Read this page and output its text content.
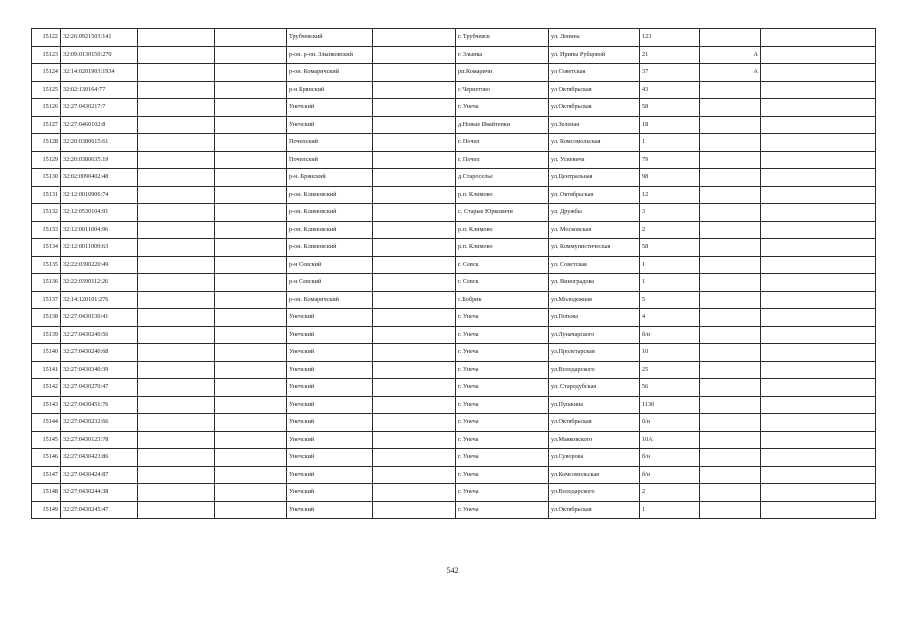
15122	32:26:0921503:141			Трубчевский		г. Трубчевск	ул. Ленина	123		
15123	32:09:0130150:270			р-он. р-он. Злынковский		г. Злынка	ул. Ирины Рубцовой	21	А	
15124	32:14:0201903:1934			р-он. Комаричский		рп.Комаричи	ул Советская	37	А	
15125	32:02:130164:77			р-н Брянский		с Чернетово	ул Октябрьская	43		
15126	32:27:0430217:7			Унечский		г. Унеча	ул.Октябрьская	58		
15127	32:27:0460102:8			Унечский		д.Новые Ивайтенки	ул.Зеленая	18		
15128	32:20:0380615:61			Почепский		г. Почеп	ул. Комсомольская	1		
15129	32:20:0380635:19			Почепский		г. Почеп	ул. Усиевича	79		
15130	32:02:0090402:48			р-н. Брянский		д.Старосельe	ул.Центральная	98		
15131	32:12:0010906:74			р-он. Климовский		р.п. Климово	ул. Октябрьская	12		
15132	32:12:0530104:91			р-он. Климовский		с. Старые Юрковичи	ул. Дружбы	3		
15133	32:12:0011004:96			р-он. Климовский		р.п. Климово	ул. Московская	2		
15134	32:12:0011009:63			р-он. Климовский		р.п. Климово	ул. Коммунистическая	58		
15135	32:22:0390220:49			р-н Севский		г. Севск	ул. Советская	1		
15136	32:22:0390112:26			р-н Севский		г. Севск	ул. Виноградова	1		
15137	32:14:120101:276			р-он. Комаричский		с.Бобрик	ул.Молодежная	5		
15138	32:27:0430130:41			Унечский		г. Унеча	ул.Попова	4		
15139	32:27:0430240:56			Унечский		г. Унеча	ул.Луначарского	б/н		
15140	32:27:0430240:68			Унечский		г. Унеча	ул.Пролетарская	10		
15141	32:27:0430340:39			Унечский		г. Унеча	ул.Володарского	25		
15142	32:27:0430270:47			Унечский		г. Унеча	ул. Стародубская	56		
15143	32:27:0430451:76			Унечский		г. Унеча	ул.Пушкина	113б		
15144	32:27:0430232:66			Унечский		г. Унеча	ул.Октябрьская	б/н		
15145	32:27:0430123:78			Унечский		г. Унеча	ул.Маяковского	10А		
15146	32:27:0430423:86			Унечский		г. Унеча	ул.Суворова	б/н		
15147	32:27:0430424:87			Унечский		г. Унеча	ул.Комсомольская	б/н		
15148	32:27:0430244:38			Унечский		г. Унеча	ул.Володарского	2		
15149	32:27:0430245:47			Унечский		г. Унеча	ул.Октябрьская	1		
542
